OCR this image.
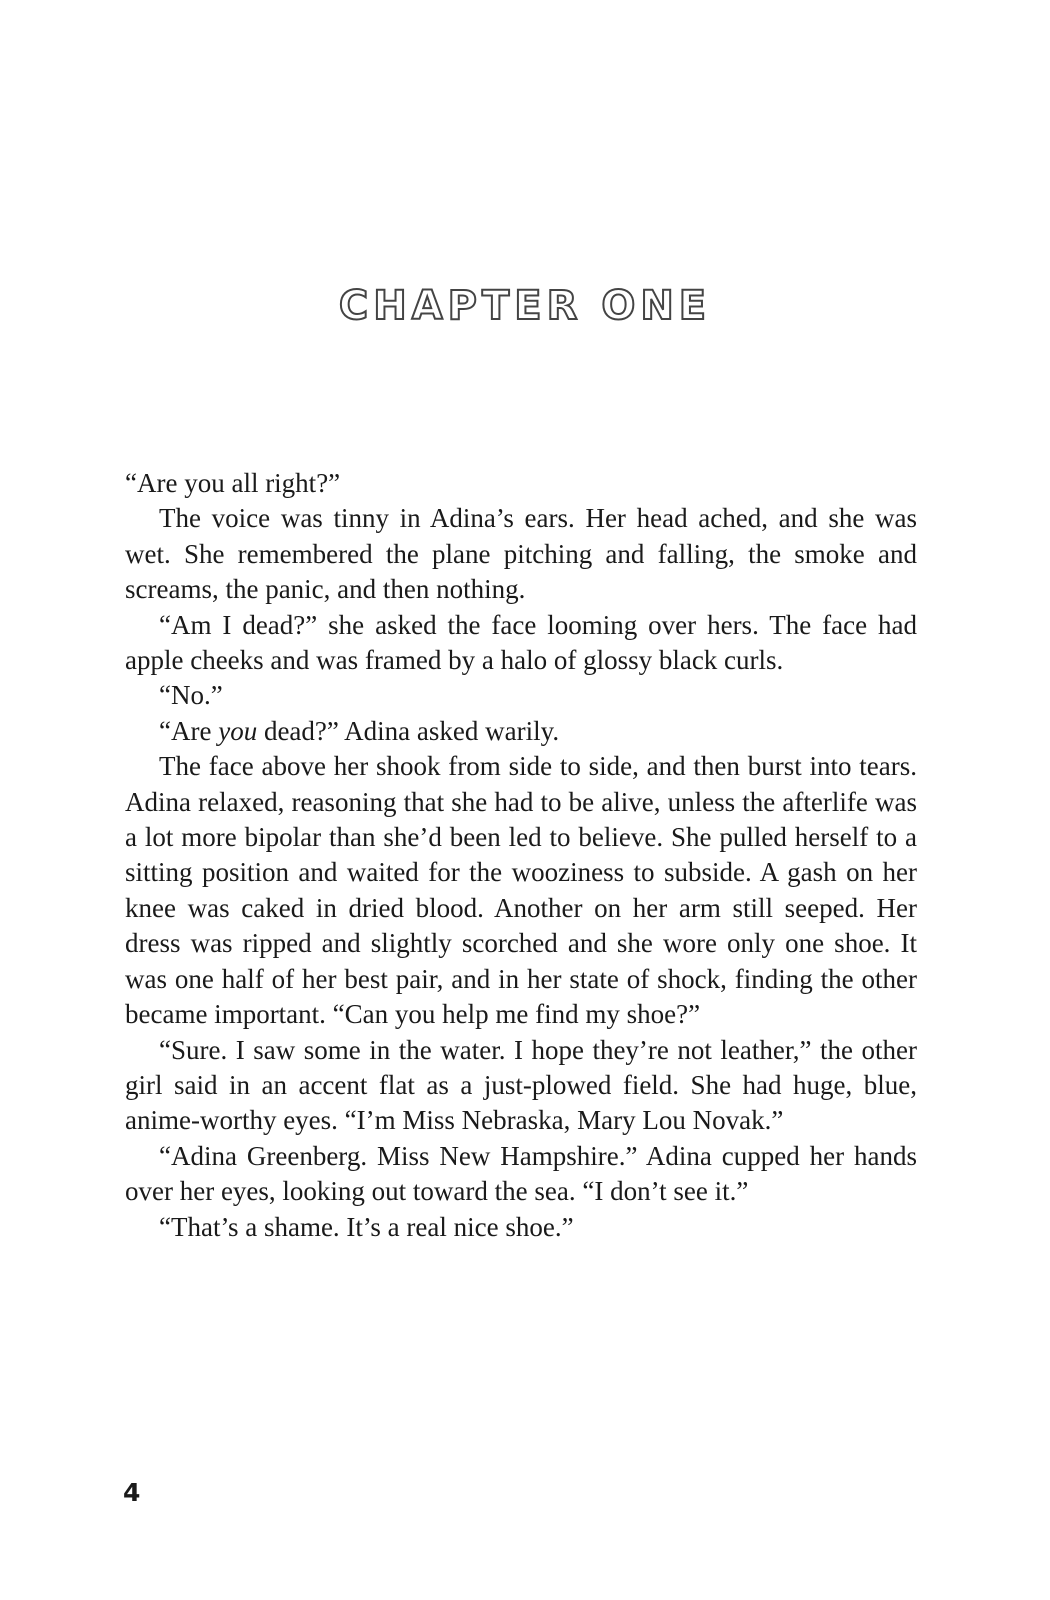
CHAPTER ONE

“Are you all right?”

The voice was tinny in Adina’s ears. Her head ached, and she was wet. She remembered the plane pitching and falling, the smoke and screams, the panic, and then nothing.

“Am I dead?” she asked the face looming over hers. The face had apple cheeks and was framed by a halo of glossy black curls.

“No.”

“Are you dead?” Adina asked warily.

The face above her shook from side to side, and then burst into tears. Adina relaxed, reasoning that she had to be alive, unless the afterlife was a lot more bipolar than she’d been led to believe. She pulled herself to a sitting position and waited for the wooziness to subside. A gash on her knee was caked in dried blood. Another on her arm still seeped. Her dress was ripped and slightly scorched and she wore only one shoe. It was one half of her best pair, and in her state of shock, finding the other became important. “Can you help me find my shoe?”

“Sure. I saw some in the water. I hope they’re not leather,” the other girl said in an accent flat as a just-plowed field. She had huge, blue, anime-worthy eyes. “I’m Miss Nebraska, Mary Lou Novak.”

“Adina Greenberg. Miss New Hampshire.” Adina cupped her hands over her eyes, looking out toward the sea. “I don’t see it.”

“That’s a shame. It’s a real nice shoe.”

4
